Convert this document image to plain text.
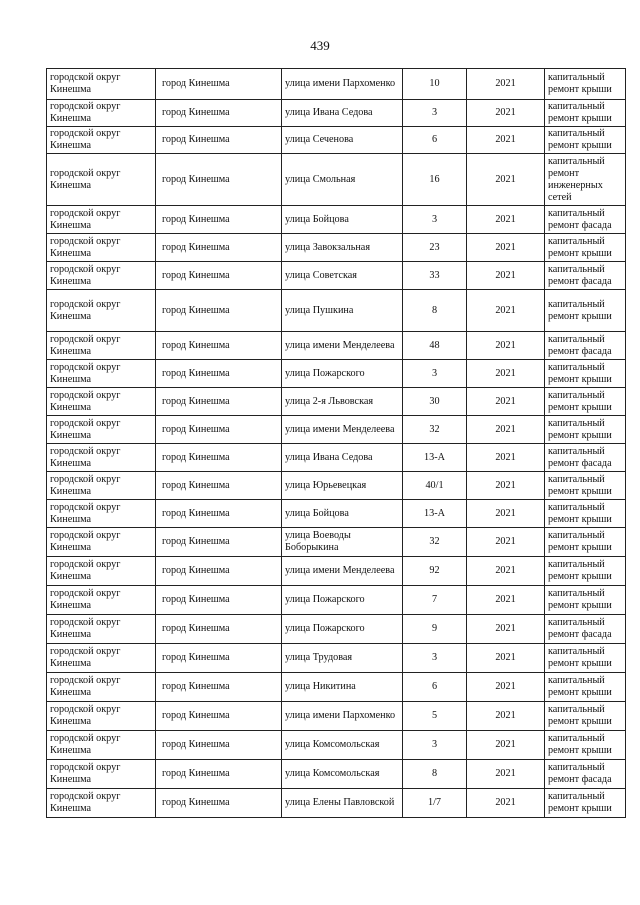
439
городской округ Кинешма	город Кинешма	улица имени Пархоменко	10	2021	капитальный ремонт крыши
городской округ Кинешма	город Кинешма	улица Ивана Седова	3	2021	капитальный ремонт крыши
городской округ Кинешма	город Кинешма	улица Сеченова	6	2021	капитальный ремонт крыши
городской округ Кинешма	город Кинешма	улица Смольная	16	2021	капитальный ремонт инженерных сетей
городской округ Кинешма	город Кинешма	улица Бойцова	3	2021	капитальный ремонт фасада
городской округ Кинешма	город Кинешма	улица Завокзальная	23	2021	капитальный ремонт крыши
городской округ Кинешма	город Кинешма	улица Советская	33	2021	капитальный ремонт фасада
городской округ Кинешма	город Кинешма	улица Пушкина	8	2021	капитальный ремонт крыши
городской округ Кинешма	город Кинешма	улица имени Менделеева	48	2021	капитальный ремонт фасада
городской округ Кинешма	город Кинешма	улица Пожарского	3	2021	капитальный ремонт крыши
городской округ Кинешма	город Кинешма	улица 2-я Львовская	30	2021	капитальный ремонт крыши
городской округ Кинешма	город Кинешма	улица имени Менделеева	32	2021	капитальный ремонт крыши
городской округ Кинешма	город Кинешма	улица Ивана Седова	13-А	2021	капитальный ремонт фасада
городской округ Кинешма	город Кинешма	улица Юрьевецкая	40/1	2021	капитальный ремонт крыши
городской округ Кинешма	город Кинешма	улица Бойцова	13-А	2021	капитальный ремонт крыши
городской округ Кинешма	город Кинешма	улица Воеводы Боборыкина	32	2021	капитальный ремонт крыши
городской округ Кинешма	город Кинешма	улица имени Менделеева	92	2021	капитальный ремонт крыши
городской округ Кинешма	город Кинешма	улица Пожарского	7	2021	капитальный ремонт крыши
городской округ Кинешма	город Кинешма	улица Пожарского	9	2021	капитальный ремонт фасада
городской округ Кинешма	город Кинешма	улица Трудовая	3	2021	капитальный ремонт крыши
городской округ Кинешма	город Кинешма	улица Никитина	6	2021	капитальный ремонт крыши
городской округ Кинешма	город Кинешма	улица имени Пархоменко	5	2021	капитальный ремонт крыши
городской округ Кинешма	город Кинешма	улица Комсомольская	3	2021	капитальный ремонт крыши
городской округ Кинешма	город Кинешма	улица Комсомольская	8	2021	капитальный ремонт фасада
городской округ Кинешма	город Кинешма	улица Елены Павловской	1/7	2021	капитальный ремонт крыши
